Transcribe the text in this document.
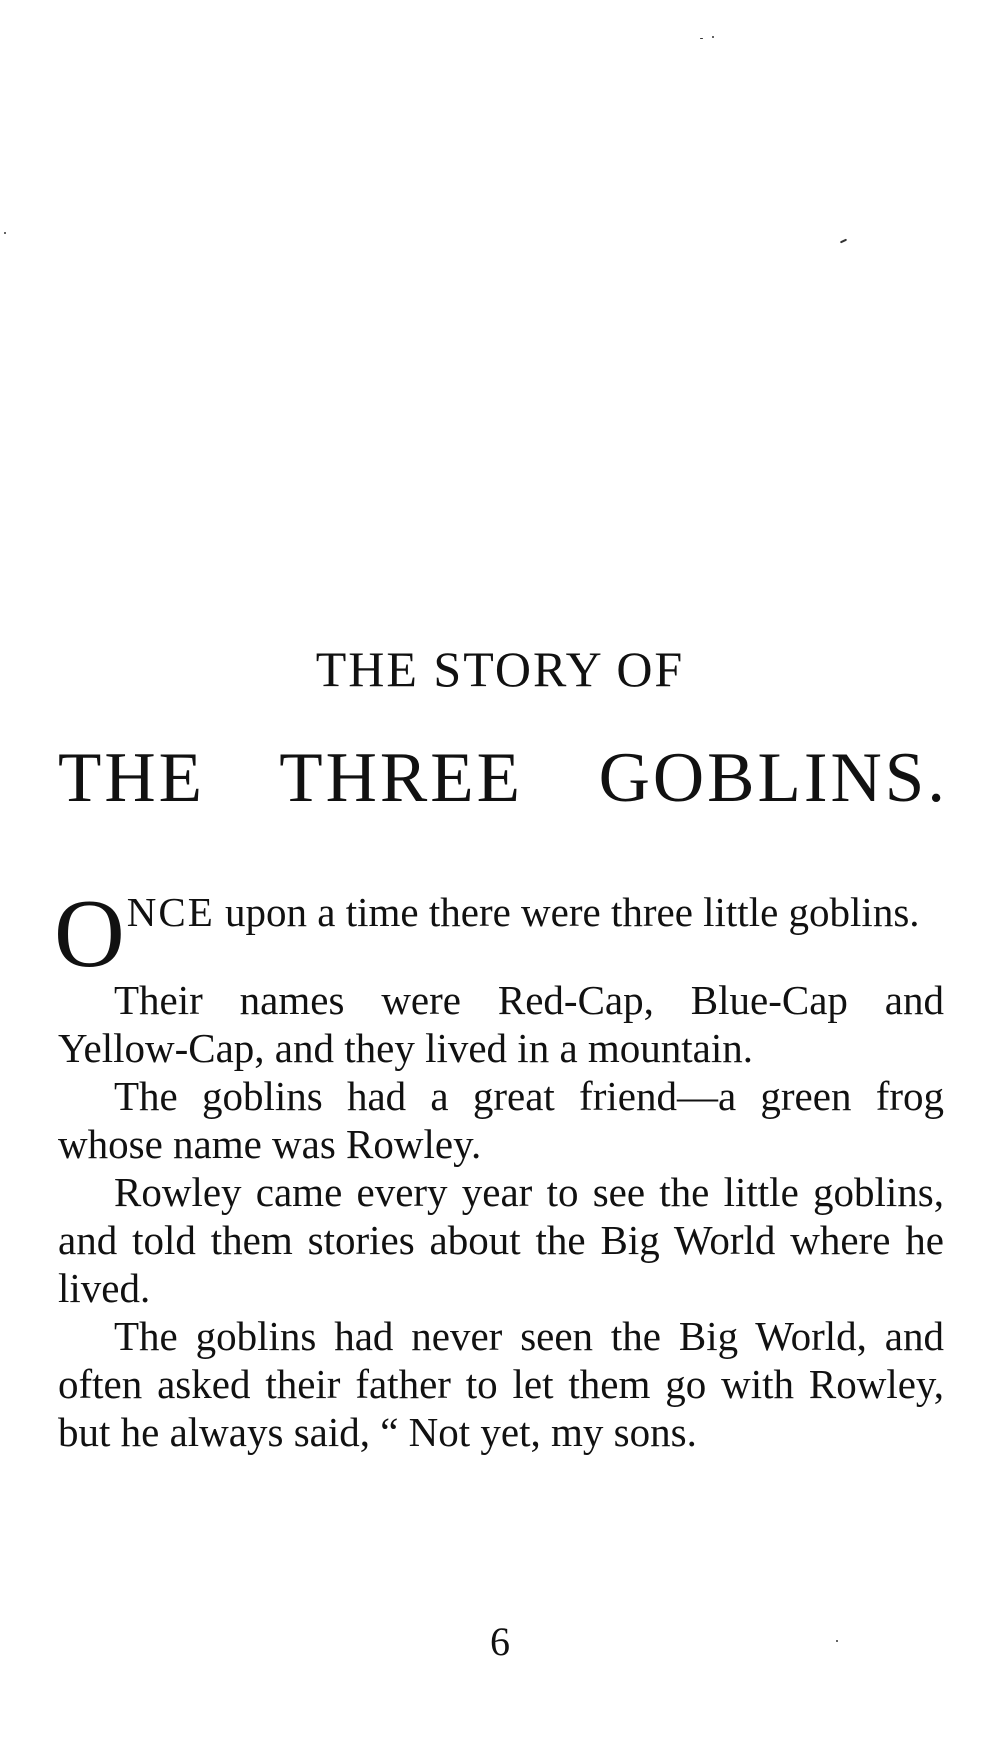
THE STORY OF
THE THREE GOBLINS.

ONCE upon a time there were three little goblins.

Their names were Red-Cap, Blue-Cap and Yellow-Cap, and they lived in a mountain.

The goblins had a great friend—a green frog whose name was Rowley.

Rowley came every year to see the little goblins, and told them stories about the Big World where he lived.

The goblins had never seen the Big World, and often asked their father to let them go with Rowley, but he always said, “ Not yet, my sons.

6
